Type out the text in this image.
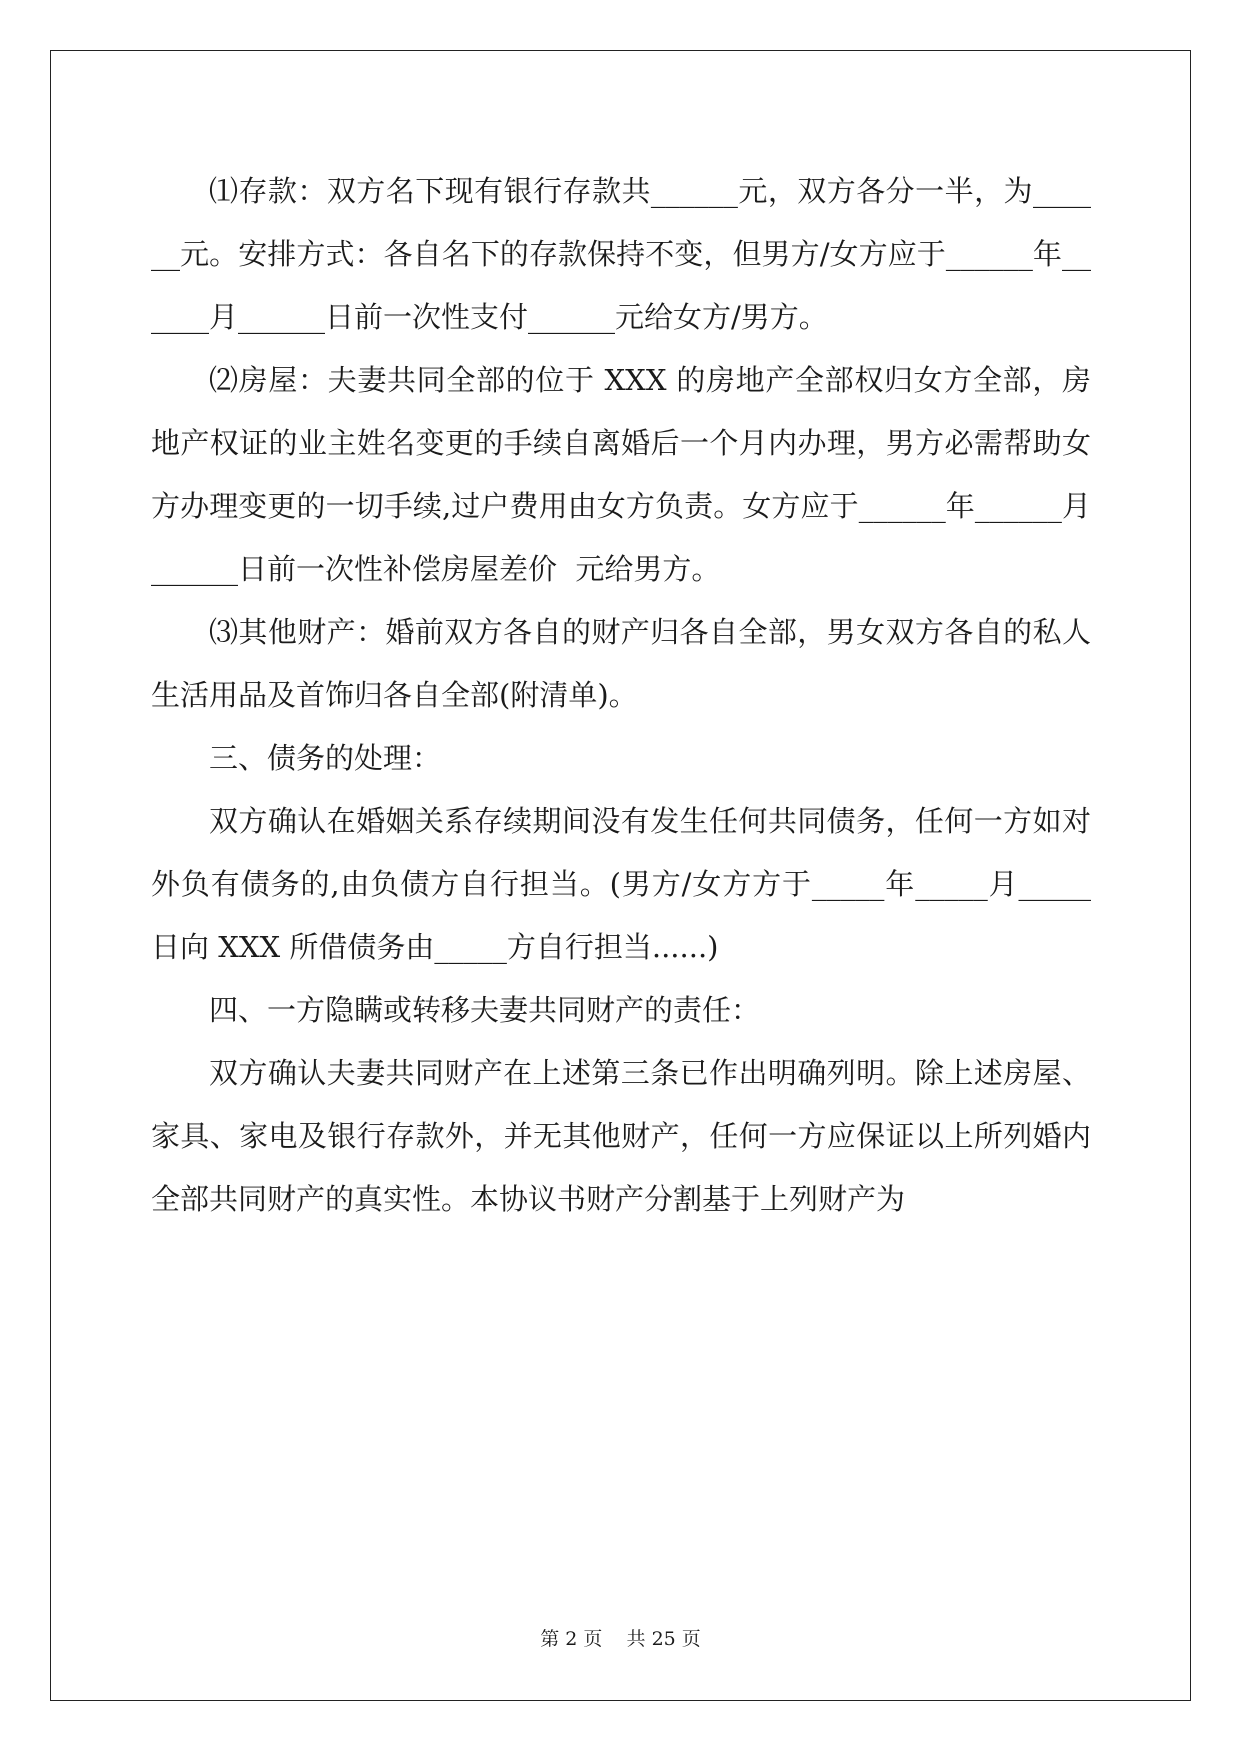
⑴存款：双方名下现有银行存款共______元，双方各分一半，为______元。安排方式：各自名下的存款保持不变，但男方/女方应于______年______月______日前一次性支付______元给女方/男方。

⑵房屋：夫妻共同全部的位于 XXX 的房地产全部权归女方全部，房地产权证的业主姓名变更的手续自离婚后一个月内办理，男方必需帮助女方办理变更的一切手续,过户费用由女方负责。女方应于______年______月______日前一次性补偿房屋差价  元给男方。

⑶其他财产：婚前双方各自的财产归各自全部，男女双方各自的私人生活用品及首饰归各自全部(附清单)。

三、债务的处理：

双方确认在婚姻关系存续期间没有发生任何共同债务，任何一方如对外负有债务的,由负债方自行担当。(男方/女方方于_____年_____月_____日向 XXX 所借债务由_____方自行担当......)

四、一方隐瞒或转移夫妻共同财产的责任：

双方确认夫妻共同财产在上述第三条已作出明确列明。除上述房屋、家具、家电及银行存款外，并无其他财产，任何一方应保证以上所列婚内全部共同财产的真实性。本协议书财产分割基于上列财产为

第 2 页    共 25 页
